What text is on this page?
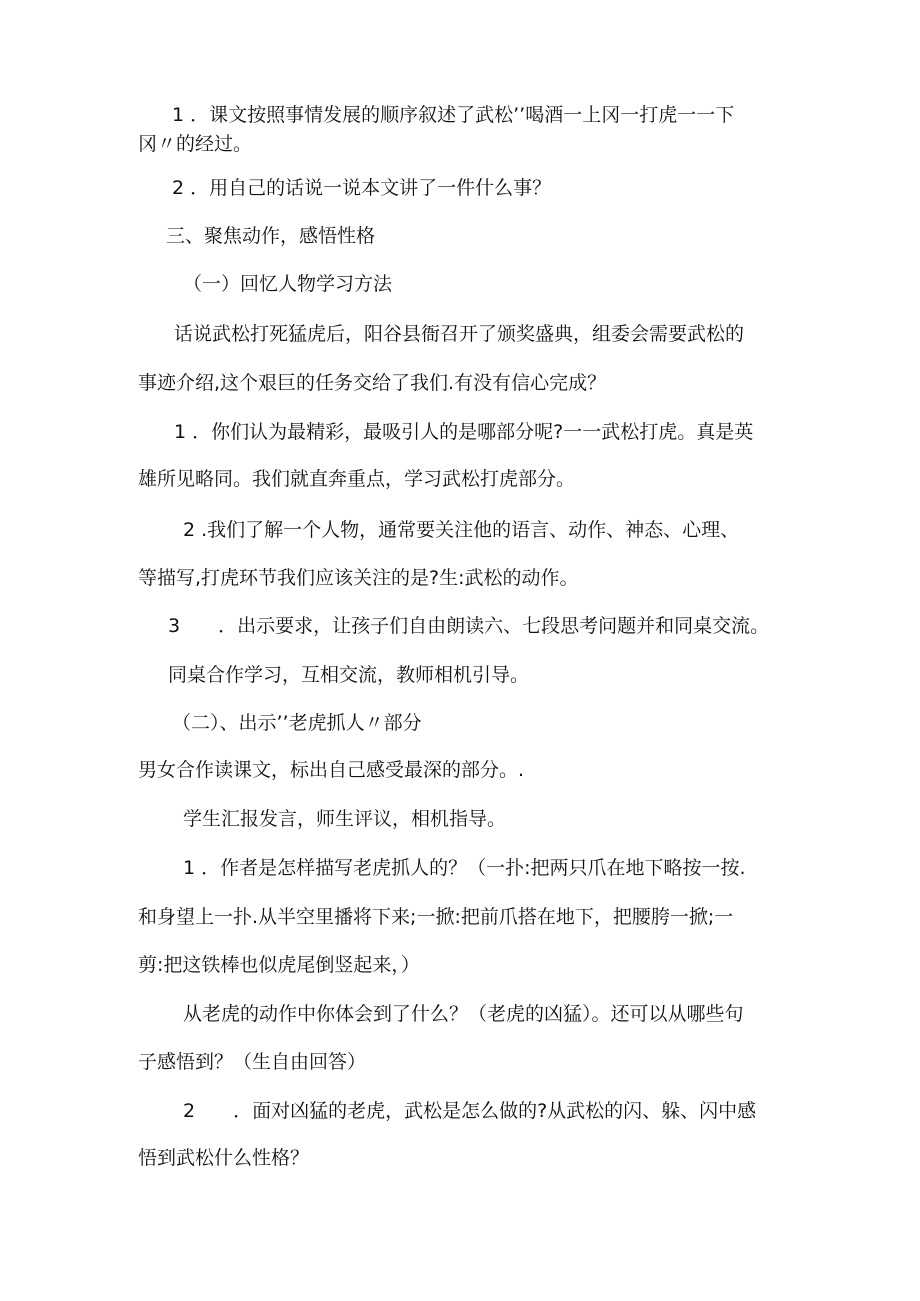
1 ．课文按照事情发展的顺序叙述了武松’’喝酒一上冈一打虎一一下

冈〃的经过。

2 ．用自己的话说一说本文讲了一件什么事？

三、聚焦动作，感悟性格

（一）回忆人物学习方法

话说武松打死猛虎后，阳谷县衙召开了颁奖盛典，组委会需要武松的

事迹介绍,这个艰巨的任务交给了我们.有没有信心完成？

1 ．你们认为最精彩，最吸引人的是哪部分呢?一一武松打虎。真是英

雄所见略同。我们就直奔重点，学习武松打虎部分。

2 .我们了解一个人物，通常要关注他的语言、动作、神态、心理、

等描写,打虎环节我们应该关注的是?生:武松的动作。

3　　．出示要求，让孩子们自由朗读六、七段思考问题并和同桌交流。

同桌合作学习，互相交流，教师相机引导。

（二）、出示’’老虎抓人〃部分

男女合作读课文，标出自己感受最深的部分。.

学生汇报发言，师生评议，相机指导。

1 ．作者是怎样描写老虎抓人的？（一扑:把两只爪在地下略按一按.

和身望上一扑.从半空里播将下来;一掀:把前爪搭在地下，把腰胯一掀;一

剪:把这铁棒也似虎尾倒竖起来，）

从老虎的动作中你体会到了什么？（老虎的凶猛）。还可以从哪些句

子感悟到？（生自由回答）

2　　．面对凶猛的老虎，武松是怎么做的?从武松的闪、躲、闪中感

悟到武松什么性格？
